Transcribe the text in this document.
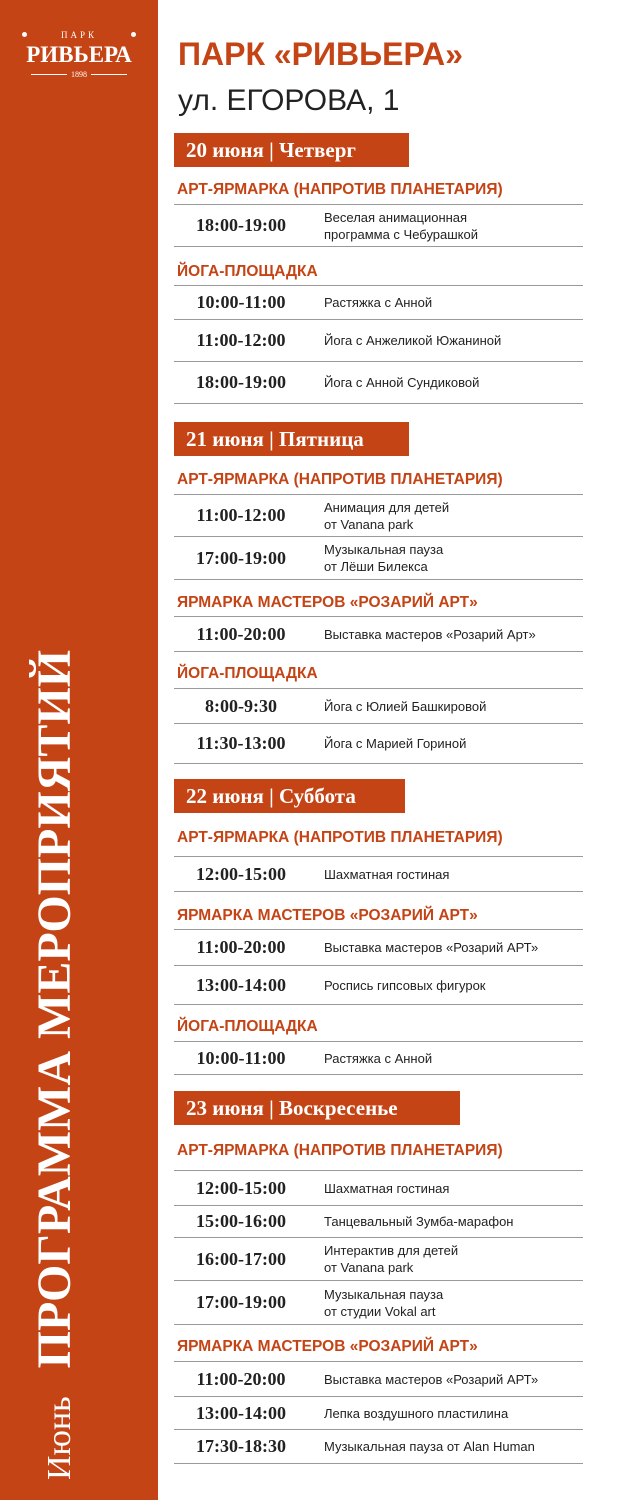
ПАРК
РИВЬЕРА
1898
ИюньПРОГРАММА МЕРОПРИЯТИЙ
ПАРК «РИВЬЕРА»
ул. ЕГОРОВА, 1
20 июня | Четверг
АРТ-ЯРМАРКА (НАПРОТИВ ПЛАНЕТАРИЯ)
18:00-19:00	Веселая анимационная
программа с Чебурашкой
ЙОГА-ПЛОЩАДКА
10:00-11:00	Растяжка с Анной
11:00-12:00	Йога с Анжеликой Южаниной
18:00-19:00	Йога с Анной Сундиковой
21 июня | Пятница
АРТ-ЯРМАРКА (НАПРОТИВ ПЛАНЕТАРИЯ)
11:00-12:00	Анимация для детей
от Vanana park
17:00-19:00	Музыкальная пауза
от Лёши Билекса
ЯРМАРКА МАСТЕРОВ «РОЗАРИЙ АРТ»
11:00-20:00	Выставка мастеров «Розарий Арт»
ЙОГА-ПЛОЩАДКА
8:00-9:30	Йога с Юлией Башкировой
11:30-13:00	Йога с Марией Гориной
22 июня | Суббота
АРТ-ЯРМАРКА (НАПРОТИВ ПЛАНЕТАРИЯ)
12:00-15:00	Шахматная гостиная
ЯРМАРКА МАСТЕРОВ «РОЗАРИЙ АРТ»
11:00-20:00	Выставка мастеров «Розарий АРТ»
13:00-14:00	Роспись гипсовых фигурок
ЙОГА-ПЛОЩАДКА
10:00-11:00	Растяжка с Анной
23 июня | Воскресенье
АРТ-ЯРМАРКА (НАПРОТИВ ПЛАНЕТАРИЯ)
12:00-15:00	Шахматная гостиная
15:00-16:00	Танцевальный Зумба-марафон
16:00-17:00	Интерактив для детей
от Vanana park
17:00-19:00	Музыкальная пауза
от студии Vokal art
ЯРМАРКА МАСТЕРОВ «РОЗАРИЙ АРТ»
11:00-20:00	Выставка мастеров «Розарий АРТ»
13:00-14:00	Лепка воздушного пластилина
17:30-18:30	Музыкальная пауза от Alan Human
